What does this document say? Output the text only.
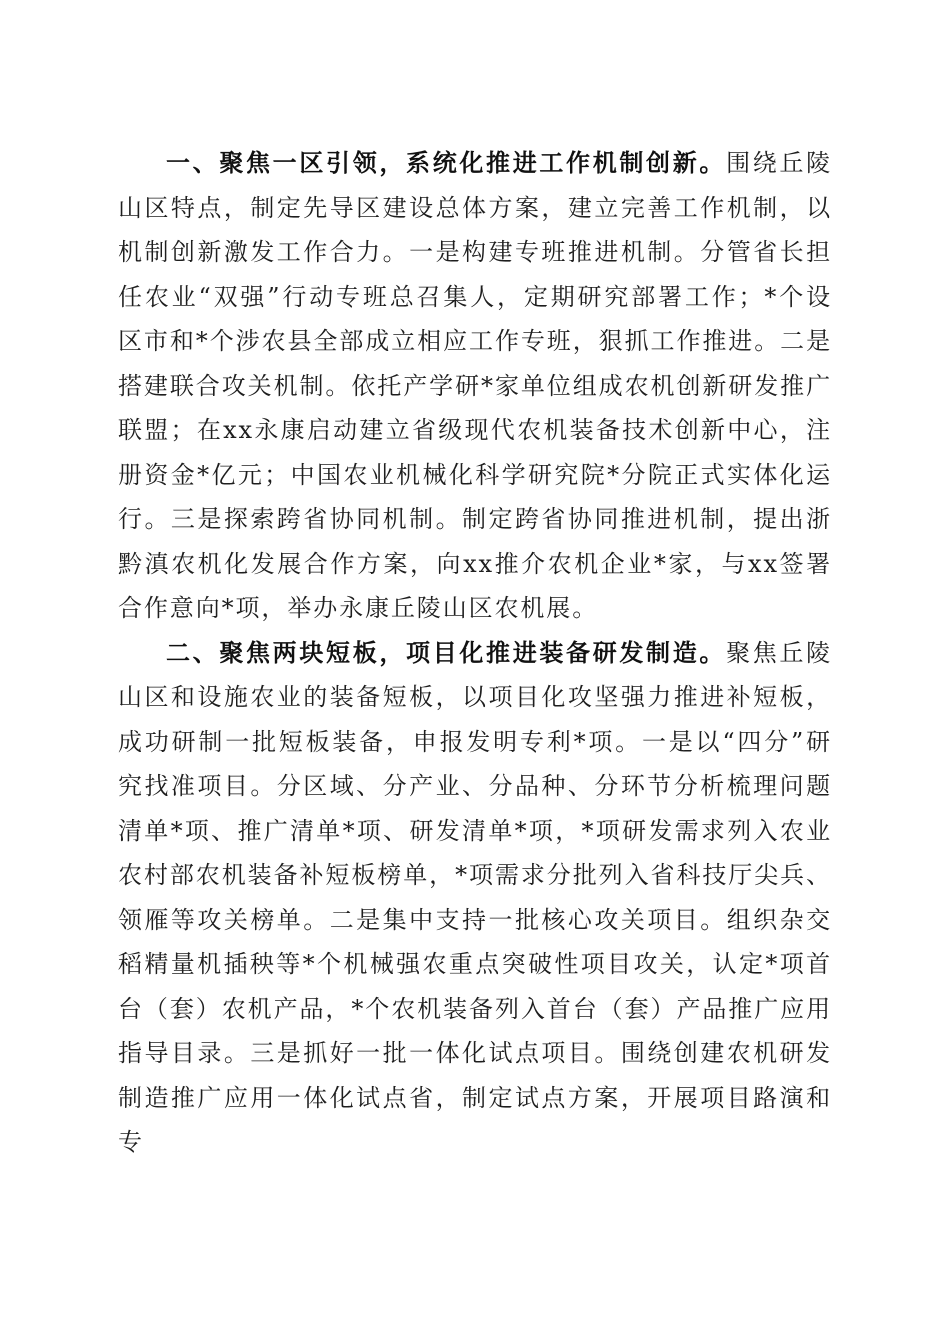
一、聚焦一区引领，系统化推进工作机制创新。围绕丘陵山区特点，制定先导区建设总体方案，建立完善工作机制，以机制创新激发工作合力。一是构建专班推进机制。分管省长担任农业“双强”行动专班总召集人，定期研究部署工作；*个设区市和*个涉农县全部成立相应工作专班，狠抓工作推进。二是搭建联合攻关机制。依托产学研*家单位组成农机创新研发推广联盟；在xx永康启动建立省级现代农机装备技术创新中心，注册资金*亿元；中国农业机械化科学研究院*分院正式实体化运行。三是探索跨省协同机制。制定跨省协同推进机制，提出浙黔滇农机化发展合作方案，向xx推介农机企业*家，与xx签署合作意向*项，举办永康丘陵山区农机展。

二、聚焦两块短板，项目化推进装备研发制造。聚焦丘陵山区和设施农业的装备短板，以项目化攻坚强力推进补短板，成功研制一批短板装备，申报发明专利*项。一是以“四分”研究找准项目。分区域、分产业、分品种、分环节分析梳理问题清单*项、推广清单*项、研发清单*项，*项研发需求列入农业农村部农机装备补短板榜单，*项需求分批列入省科技厅尖兵、领雁等攻关榜单。二是集中支持一批核心攻关项目。组织杂交稻精量机插秧等*个机械强农重点突破性项目攻关，认定*项首台（套）农机产品，*个农机装备列入首台（套）产品推广应用指导目录。三是抓好一批一体化试点项目。围绕创建农机研发制造推广应用一体化试点省，制定试点方案，开展项目路演和专
